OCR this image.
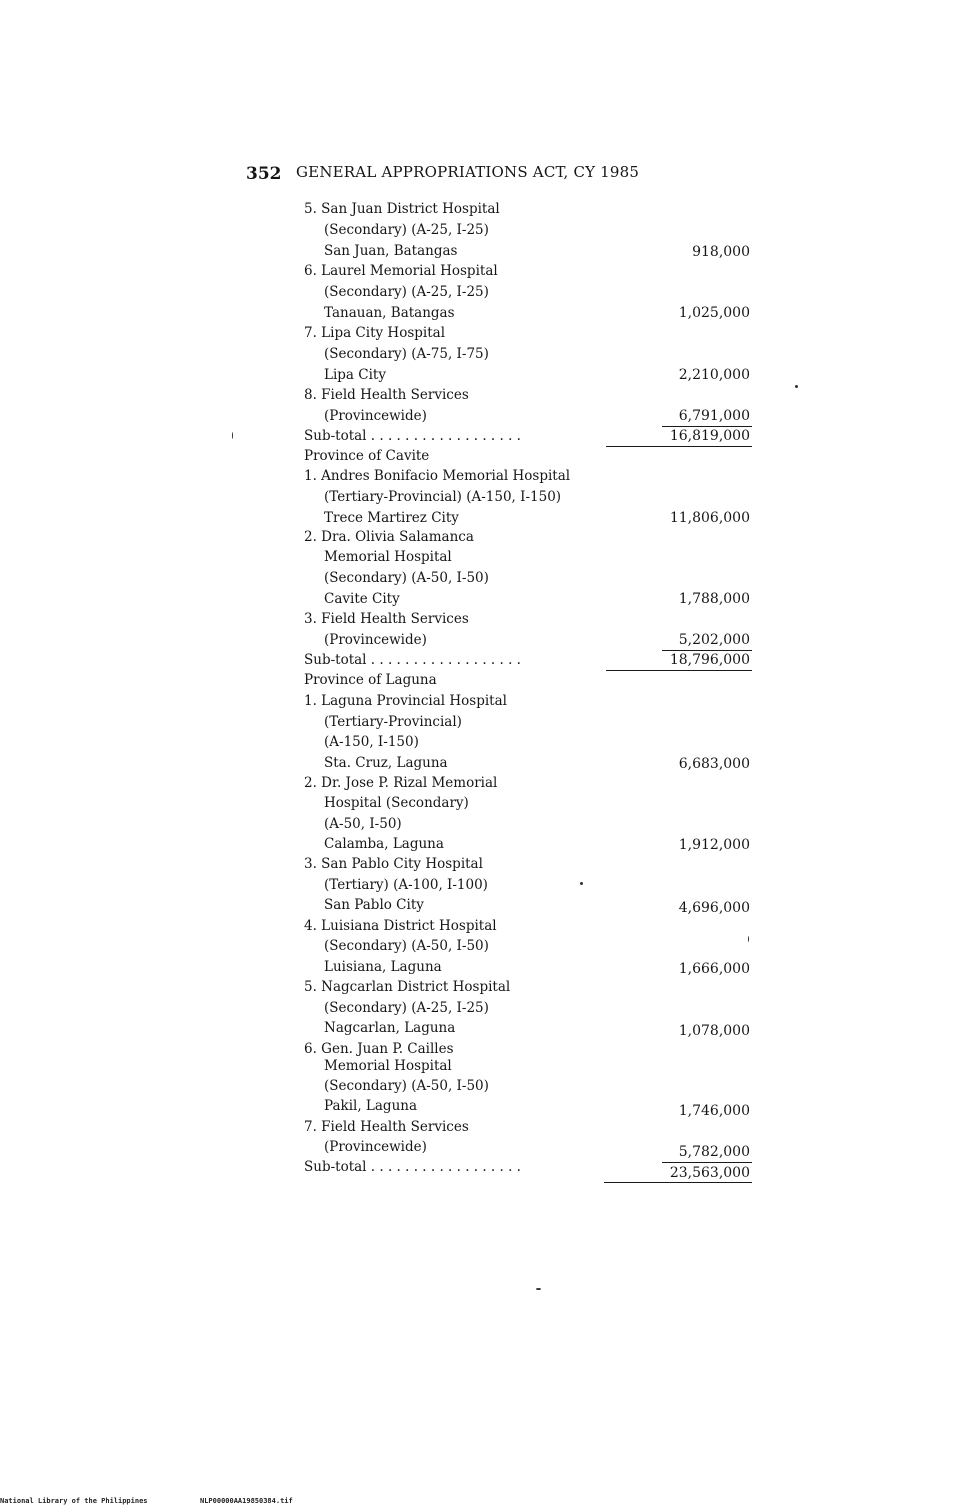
352 GENERAL APPROPRIATIONS ACT, CY 1985
5. San Juan District Hospital
(Secondary) (A-25, I-25)
San Juan, Batangas
6. Laurel Memorial Hospital
(Secondary) (A-25, I-25)
Tanauan, Batangas
7. Lipa City Hospital
(Secondary) (A-75, I-75)
Lipa City
8. Field Health Services
(Provincewide)
Sub-total . . . . . . . . . . . . . . . . . .
Province of Cavite
1. Andres Bonifacio Memorial Hospital
(Tertiary-Provincial) (A-150, I-150)
Trece Martirez City
2. Dra. Olivia Salamanca
Memorial Hospital
(Secondary) (A-50, I-50)
Cavite City
3. Field Health Services
(Provincewide)
Sub-total . . . . . . . . . . . . . . . . . .
Province of Laguna
1. Laguna Provincial Hospital
(Tertiary-Provincial)
(A-150, I-150)
Sta. Cruz, Laguna
2. Dr. Jose P. Rizal Memorial
Hospital (Secondary)
(A-50, I-50)
Calamba, Laguna
3. San Pablo City Hospital
(Tertiary) (A-100, I-100)
San Pablo City
4. Luisiana District Hospital
(Secondary) (A-50, I-50)
Luisiana, Laguna
5. Nagcarlan District Hospital
(Secondary) (A-25, I-25)
Nagcarlan, Laguna
6. Gen. Juan P. Cailles
Memorial Hospital
(Secondary) (A-50, I-50)
Pakil, Laguna
7. Field Health Services
(Provincewide)
Sub-total . . . . . . . . . . . . . . . . . .
918,000
1,025,000
2,210,000
6,791,000
16,819,000
11,806,000
1,788,000
5,202,000
18,796,000
6,683,000
1,912,000
4,696,000
1,666,000
1,078,000
1,746,000
5,782,000
23,563,000
National Library of the Philippines	NLP00000AA19850384.tif
